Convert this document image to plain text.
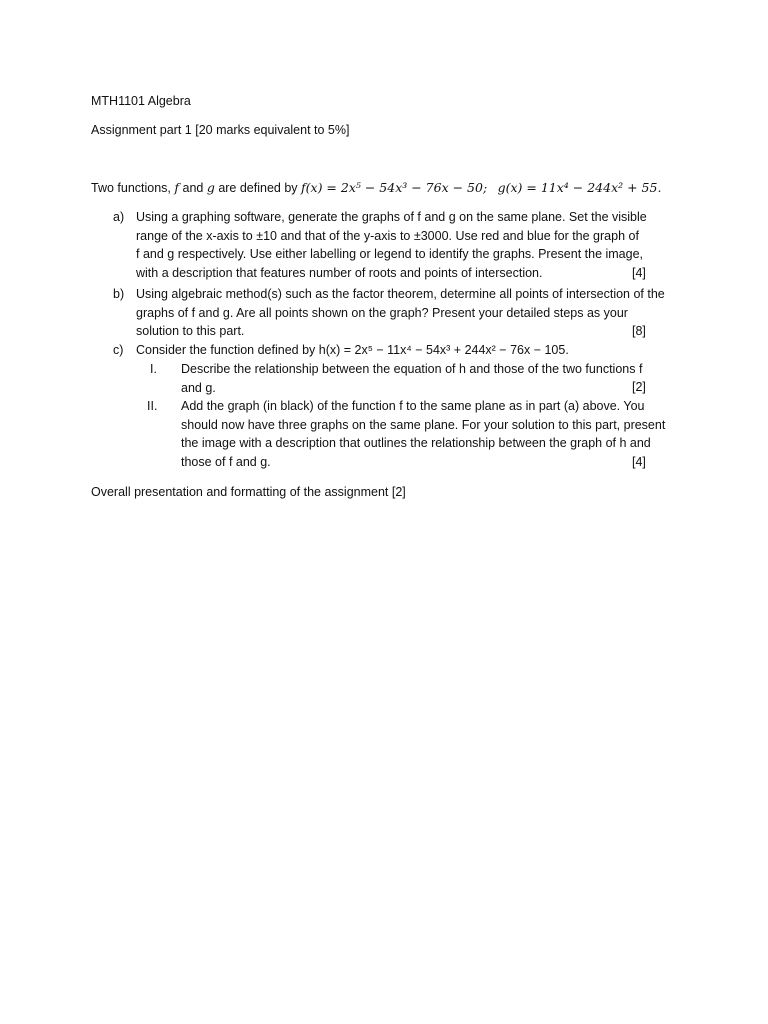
MTH1101 Algebra
Assignment part 1 [20 marks equivalent to 5%]
Two functions, f and g are defined by f(x) = 2x⁵ − 54x³ − 76x − 50; g(x) = 11x⁴ − 244x² + 55.
a) Using a graphing software, generate the graphs of f and g on the same plane. Set the visible
range of the x-axis to ±10 and that of the y-axis to ±3000. Use red and blue for the graph of
f and g respectively. Use either labelling or legend to identify the graphs. Present the image,
with a description that features number of roots and points of intersection.	[4]
b) Using algebraic method(s) such as the factor theorem, determine all points of intersection of the
graphs of f and g. Are all points shown on the graph? Present your detailed steps as your
solution to this part.	[8]
c) Consider the function defined by h(x) = 2x⁵ − 11x⁴ − 54x³ + 244x² − 76x − 105.
I. Describe the relationship between the equation of h and those of the two functions f
and g.	[2]
II. Add the graph (in black) of the function f to the same plane as in part (a) above. You
should now have three graphs on the same plane. For your solution to this part, present
the image with a description that outlines the relationship between the graph of h and
those of f and g.	[4]
Overall presentation and formatting of the assignment [2]
